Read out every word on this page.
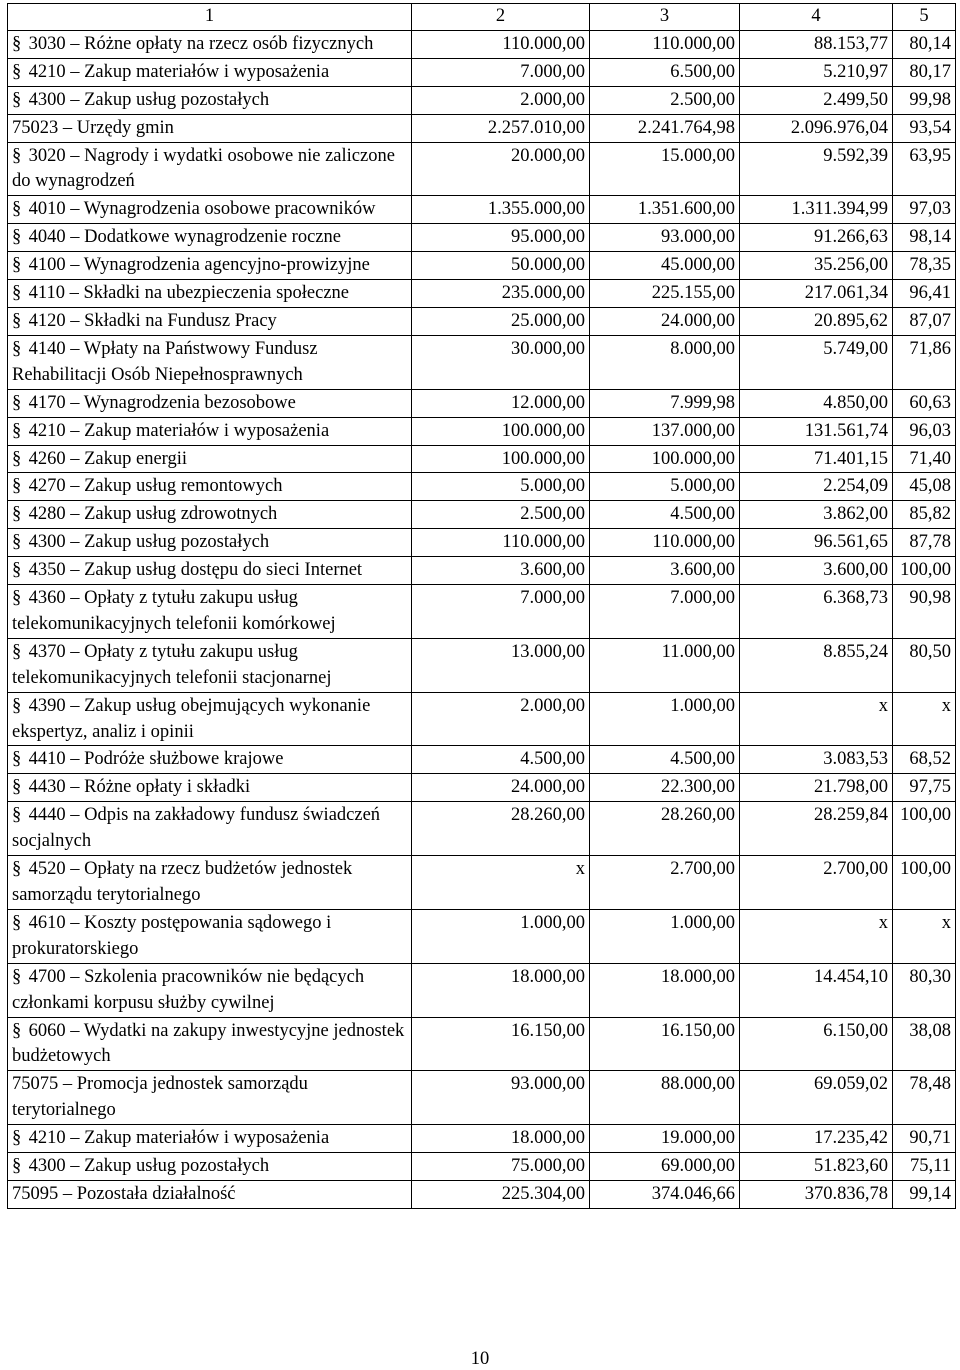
1	2	3	4	5
§ 3030 – Różne opłaty na rzecz osób fizycznych	110.000,00	110.000,00	88.153,77	80,14
§ 4210 – Zakup materiałów i wyposażenia	7.000,00	6.500,00	5.210,97	80,17
§ 4300 – Zakup usług pozostałych	2.000,00	2.500,00	2.499,50	99,98
75023 – Urzędy gmin	2.257.010,00	2.241.764,98	2.096.976,04	93,54
§ 3020 – Nagrody i wydatki osobowe nie zaliczone do wynagrodzeń	20.000,00	15.000,00	9.592,39	63,95
§ 4010 – Wynagrodzenia osobowe pracowników	1.355.000,00	1.351.600,00	1.311.394,99	97,03
§ 4040 – Dodatkowe wynagrodzenie roczne	95.000,00	93.000,00	91.266,63	98,14
§ 4100 – Wynagrodzenia agencyjno-prowizyjne	50.000,00	45.000,00	35.256,00	78,35
§ 4110 – Składki na ubezpieczenia społeczne	235.000,00	225.155,00	217.061,34	96,41
§ 4120 – Składki na Fundusz Pracy	25.000,00	24.000,00	20.895,62	87,07
§ 4140 – Wpłaty na Państwowy Fundusz Rehabilitacji Osób Niepełnosprawnych	30.000,00	8.000,00	5.749,00	71,86
§ 4170 – Wynagrodzenia bezosobowe	12.000,00	7.999,98	4.850,00	60,63
§ 4210 – Zakup materiałów i wyposażenia	100.000,00	137.000,00	131.561,74	96,03
§ 4260 – Zakup energii	100.000,00	100.000,00	71.401,15	71,40
§ 4270 – Zakup usług remontowych	5.000,00	5.000,00	2.254,09	45,08
§ 4280 – Zakup usług zdrowotnych	2.500,00	4.500,00	3.862,00	85,82
§ 4300 – Zakup usług pozostałych	110.000,00	110.000,00	96.561,65	87,78
§ 4350 – Zakup usług dostępu do sieci Internet	3.600,00	3.600,00	3.600,00	100,00
§ 4360 – Opłaty z tytułu zakupu usług telekomunikacyjnych telefonii komórkowej	7.000,00	7.000,00	6.368,73	90,98
§ 4370 – Opłaty z tytułu zakupu usług telekomunikacyjnych telefonii stacjonarnej	13.000,00	11.000,00	8.855,24	80,50
§ 4390 – Zakup usług obejmujących wykonanie ekspertyz, analiz i opinii	2.000,00	1.000,00	x	x
§ 4410 – Podróże służbowe krajowe	4.500,00	4.500,00	3.083,53	68,52
§ 4430 – Różne opłaty i składki	24.000,00	22.300,00	21.798,00	97,75
§ 4440 – Odpis na zakładowy fundusz świadczeń socjalnych	28.260,00	28.260,00	28.259,84	100,00
§ 4520 – Opłaty na rzecz budżetów jednostek samorządu terytorialnego	x	2.700,00	2.700,00	100,00
§ 4610 – Koszty postępowania sądowego i prokuratorskiego	1.000,00	1.000,00	x	x
§ 4700 – Szkolenia pracowników nie będących członkami korpusu służby cywilnej	18.000,00	18.000,00	14.454,10	80,30
§ 6060 – Wydatki na zakupy inwestycyjne jednostek budżetowych	16.150,00	16.150,00	6.150,00	38,08
75075 – Promocja jednostek samorządu terytorialnego	93.000,00	88.000,00	69.059,02	78,48
§ 4210 – Zakup materiałów i wyposażenia	18.000,00	19.000,00	17.235,42	90,71
§ 4300 – Zakup usług pozostałych	75.000,00	69.000,00	51.823,60	75,11
75095 – Pozostała działalność	225.304,00	374.046,66	370.836,78	99,14
10
